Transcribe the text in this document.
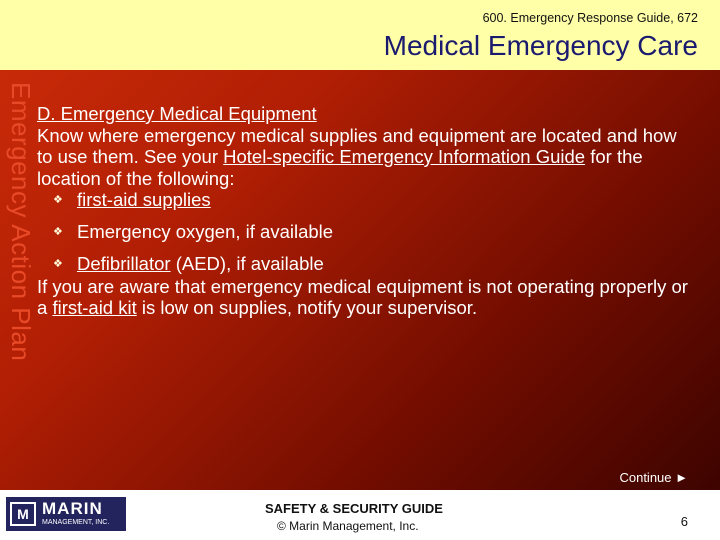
600. Emergency Response Guide, 672
Medical Emergency Care
Emergency Action Plan D. Emergency Medical Equipment

Know where emergency medical supplies and equipment are located and how to use them. See your Hotel-specific Emergency Information Guide for the location of the following:

❖ first-aid supplies
❖ Emergency oxygen, if available
❖ Defibrillator (AED), if available

If you are aware that emergency medical equipment is not operating properly or a first-aid kit is low on supplies, notify your supervisor.

Continue ►
M MARIN
MANAGEMENT, INC.
SAFETY & SECURITY GUIDE
© Marin Management, Inc.	6
